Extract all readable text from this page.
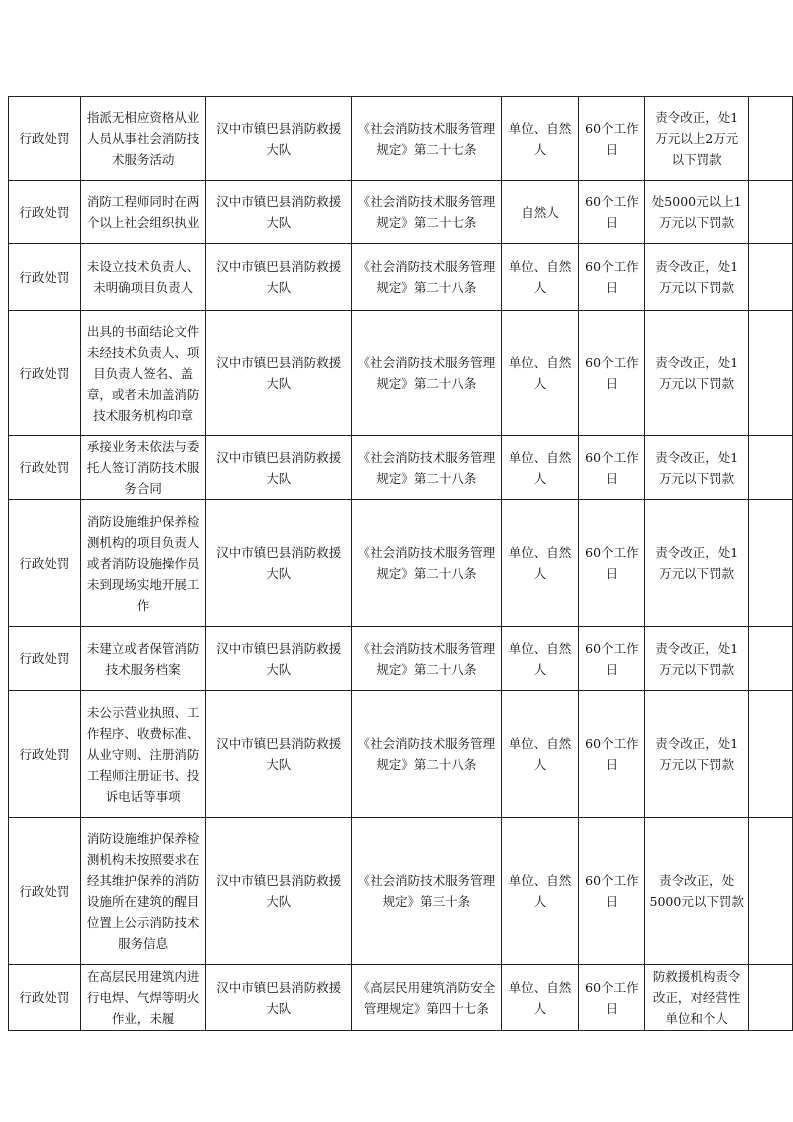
行政处罚	指派无相应资格从业人员从事社会消防技术服务活动	汉中市镇巴县消防救援大队	《社会消防技术服务管理规定》第二十七条	单位、自然人	60个工作日	责令改正，处1万元以上2万元以下罚款	
行政处罚	消防工程师同时在两个以上社会组织执业	汉中市镇巴县消防救援大队	《社会消防技术服务管理规定》第二十七条	自然人	60个工作日	处5000元以上1万元以下罚款	
行政处罚	未设立技术负责人、未明确项目负责人	汉中市镇巴县消防救援大队	《社会消防技术服务管理规定》第二十八条	单位、自然人	60个工作日	责令改正，处1万元以下罚款	
行政处罚	出具的书面结论文件未经技术负责人、项目负责人签名、盖章，或者未加盖消防技术服务机构印章	汉中市镇巴县消防救援大队	《社会消防技术服务管理规定》第二十八条	单位、自然人	60个工作日	责令改正，处1万元以下罚款	
行政处罚	承接业务未依法与委托人签订消防技术服务合同	汉中市镇巴县消防救援大队	《社会消防技术服务管理规定》第二十八条	单位、自然人	60个工作日	责令改正，处1万元以下罚款	
行政处罚	消防设施维护保养检测机构的项目负责人或者消防设施操作员未到现场实地开展工作	汉中市镇巴县消防救援大队	《社会消防技术服务管理规定》第二十八条	单位、自然人	60个工作日	责令改正，处1万元以下罚款	
行政处罚	未建立或者保管消防技术服务档案	汉中市镇巴县消防救援大队	《社会消防技术服务管理规定》第二十八条	单位、自然人	60个工作日	责令改正，处1万元以下罚款	
行政处罚	未公示营业执照、工作程序、收费标准、从业守则、注册消防工程师注册证书、投诉电话等事项	汉中市镇巴县消防救援大队	《社会消防技术服务管理规定》第二十八条	单位、自然人	60个工作日	责令改正，处1万元以下罚款	
行政处罚	消防设施维护保养检测机构未按照要求在经其维护保养的消防设施所在建筑的醒目位置上公示消防技术服务信息	汉中市镇巴县消防救援大队	《社会消防技术服务管理规定》第三十条	单位、自然人	60个工作日	责令改正，处5000元以下罚款	
行政处罚	在高层民用建筑内进行电焊、气焊等明火作业，未履	汉中市镇巴县消防救援大队	《高层民用建筑消防安全管理规定》第四十七条	单位、自然人	60个工作日	防救援机构责令改正，对经营性单位和个人	
